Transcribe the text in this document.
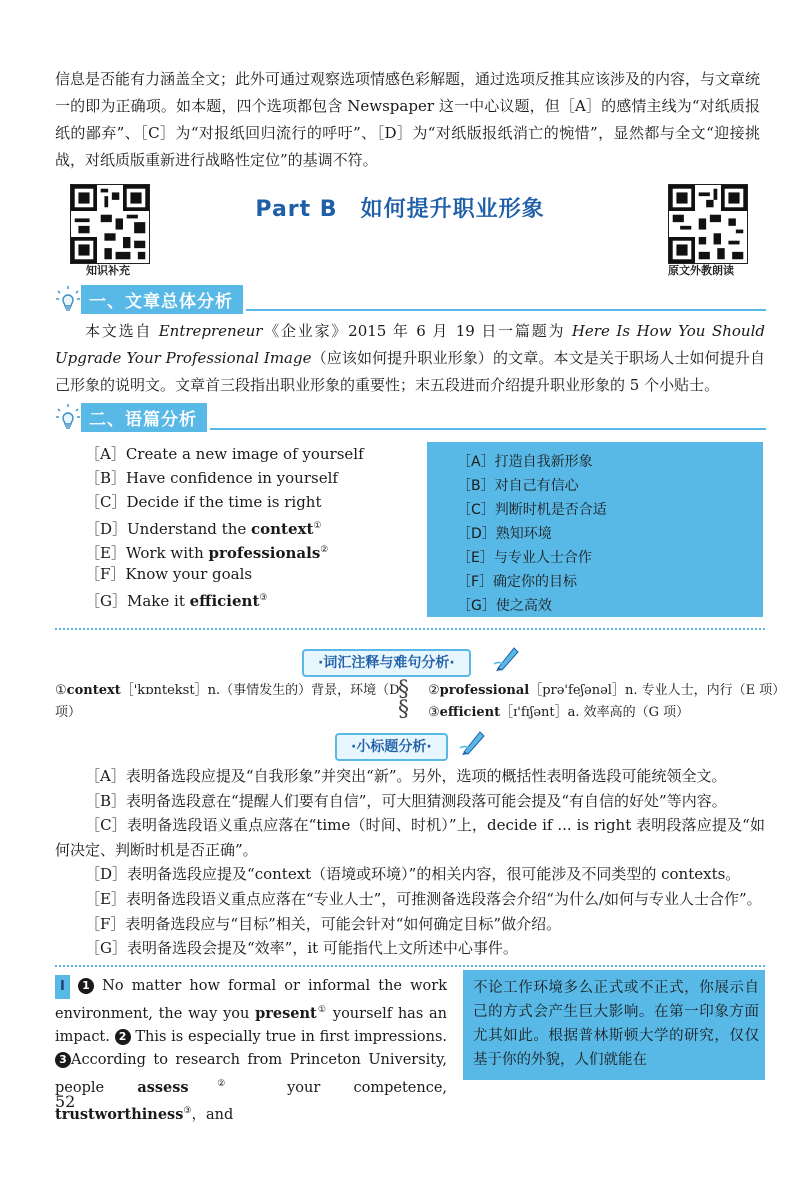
信息是否能有力涵盖全文；此外可通过观察选项情感色彩解题，通过选项反推其应该涉及的内容，与文章统一的即为正确项。如本题，四个选项都包含 Newspaper 这一中心议题，但［A］的感情主线为“对纸质报纸的鄙弃”、［C］为“对报纸回归流行的呼吁”、［D］为“对纸版报纸消亡的惋惜”，显然都与全文“迎接挑战，对纸质版重新进行战略性定位”的基调不符。
知识补充
Part B　如何提升职业形象
原文外教朗读
一、文章总体分析
本文选自 Entrepreneur《企业家》2015 年 6 月 19 日一篇题为 Here Is How You Should Upgrade Your Professional Image（应该如何提升职业形象）的文章。本文是关于职场人士如何提升自己形象的说明文。文章首三段指出职业形象的重要性；末五段进而介绍提升职业形象的 5 个小贴士。
二、语篇分析
［A］Create a new image of yourself
［B］Have confidence in yourself
［C］Decide if the time is right
［D］Understand the context①
［E］Work with professionals②
［F］Know your goals
［G］Make it efficient③
［A］打造自我新形象
［B］对自己有信心
［C］判断时机是否合适
［D］熟知环境
［E］与专业人士合作
［F］确定你的目标
［G］使之高效
·词汇注释与难句分析·
①context［'kɒntekst］n.（事情发生的）背景，环境（D
项）
§
§
②professional［prə'feʃənəl］n. 专业人士，内行（E 项）
③efficient［ɪ'fɪʃənt］a. 效率高的（G 项）
·小标题分析·
［A］表明备选段应提及“自我形象”并突出“新”。另外，选项的概括性表明备选段可能统领全文。
［B］表明备选段意在“提醒人们要有自信”，可大胆猜测段落可能会提及“有自信的好处”等内容。
［C］表明备选段语义重点应落在“time（时间、时机）”上，decide if ... is right 表明段落应提及“如何决定、判断时机是否正确”。
［D］表明备选段应提及“context（语境或环境）”的相关内容，很可能涉及不同类型的 contexts。
［E］表明备选段语义重点应落在“专业人士”，可推测备选段落会介绍“为什么/如何与专业人士合作”。
［F］表明备选段应与“目标”相关，可能会针对“如何确定目标”做介绍。
［G］表明备选段会提及“效率”，it 可能指代上文所述中心事件。
Ⅰ 1 No matter how formal or informal the work environment, the way you present① yourself has an impact. 2 This is especially true in first impressions. 3 According to research from Princeton University, people assess② your competence, trustworthiness③，and
不论工作环境多么正式或不正式，你展示自己的方式会产生巨大影响。在第一印象方面尤其如此。根据普林斯顿大学的研究，仅仅基于你的外貌，人们就能在
52
